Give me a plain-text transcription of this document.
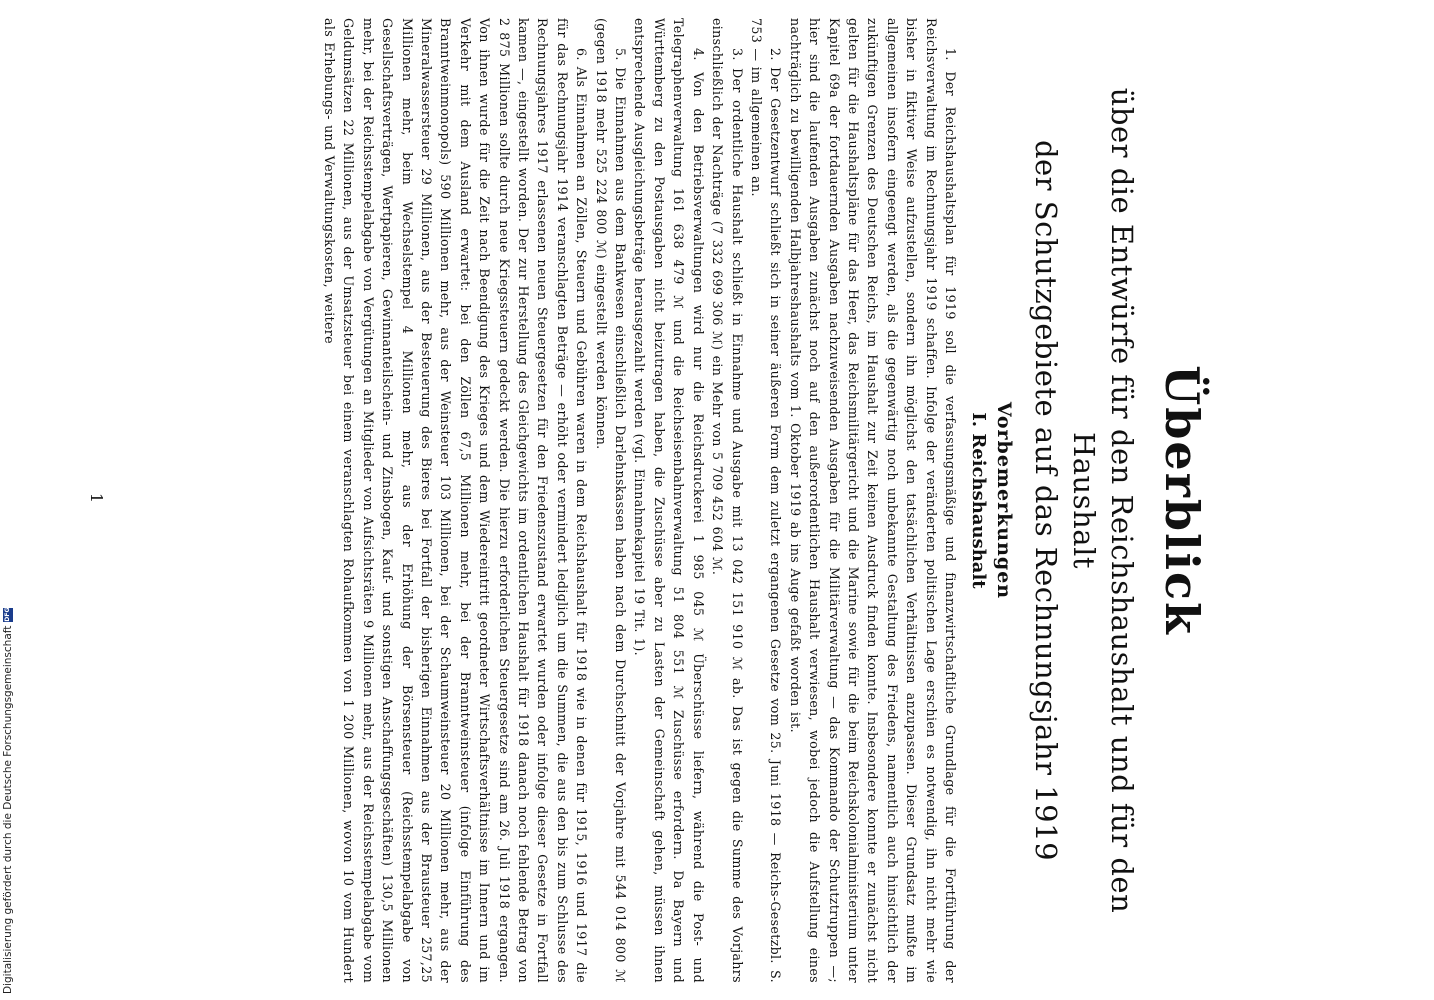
Überblick

über die Entwürfe für den Reichshaushalt und für den Haushalt

der Schutzgebiete auf das Rechnungsjahr 1919

Vorbemerkungen
I. Reichshaushalt

1. Der Reichshaushaltsplan für 1919 soll die verfassungsmäßige und finanzwirtschaftliche Grundlage für die Fortführung der Reichsverwaltung im Rechnungsjahr 1919 schaffen. Infolge der veränderten politischen Lage erschien es notwendig, ihn nicht mehr wie bisher in fiktiver Weise aufzustellen, sondern ihn möglichst den tatsächlichen Verhältnissen anzupassen. Dieser Grundsatz mußte im allgemeinen insofern eingeengt werden, als die gegenwärtig noch unbekannte Gestaltung des Friedens, namentlich auch hinsichtlich der zukünftigen Grenzen des Deutschen Reichs, im Haushalt zur Zeit keinen Ausdruck finden konnte. Insbesondere konnte er zunächst nicht gelten für die Haushaltspläne für das Heer, das Reichsmilitärgericht und die Marine sowie für die beim Reichskolonialministerium unter Kapitel 69a der fortdauernden Ausgaben nachzuweisenden Ausgaben für die Militärverwaltung — das Kommando der Schutztruppen —; hier sind die laufenden Ausgaben zunächst noch auf den außerordentlichen Haushalt verwiesen, wobei jedoch die Aufstellung eines nachträglich zu bewilligenden Halbjahreshaushalts vom 1. Oktober 1919 ab ins Auge gefaßt worden ist.

2. Der Gesetzentwurf schließt sich in seiner äußeren Form dem zuletzt ergangenen Gesetze vom 25. Juni 1918 — Reichs-Gesetzbl. S. 753 — im allgemeinen an.

3. Der ordentliche Haushalt schließt in Einnahme und Ausgabe mit 13 042 151 910 ℳ ab. Das ist gegen die Summe des Vorjahrs einschließlich der Nachträge (7 332 699 306 ℳ) ein Mehr von 5 709 452 604 ℳ.

4. Von den Betriebsverwaltungen wird nur die Reichsdruckerei 1 985 045 ℳ Überschüsse liefern, während die Post- und Telegraphenverwaltung 161 638 479 ℳ und die Reichseisenbahnverwaltung 51 804 551 ℳ Zuschüsse erfordern. Da Bayern und Württemberg zu den Postausgaben nicht beizutragen haben, die Zuschüsse aber zu Lasten der Gemeinschaft gehen, müssen ihnen entsprechende Ausgleichungsbeträge herausgezahlt werden (vgl. Einnahmekapitel 19 Tit. 1).

5. Die Einnahmen aus dem Bankwesen einschließlich Darlehnskassen haben nach dem Durchschnitt der Vorjahre mit 544 014 800 ℳ (gegen 1918 mehr 525 224 800 ℳ) eingestellt werden können.

6. Als Einnahmen an Zöllen, Steuern und Gebühren waren in dem Reichshaushalt für 1918 wie in denen für 1915, 1916 und 1917 die für das Rechnungsjahr 1914 veranschlagten Beträge — erhöht oder vermindert lediglich um die Summen, die aus den bis zum Schlusse des Rechnungsjahres 1917 erlassenen neuen Steuergesetzen für den Friedenszustand erwartet wurden oder infolge dieser Gesetze in Fortfall kamen —, eingestellt worden. Der zur Herstellung des Gleichgewichts im ordentlichen Haushalt für 1918 danach noch fehlende Betrag von 2 875 Millionen sollte durch neue Kriegssteuern gedeckt werden. Die hierzu erforderlichen Steuergesetze sind am 26. Juli 1918 ergangen. Von ihnen wurde für die Zeit nach Beendigung des Krieges und dem Wiedereintritt geordneter Wirtschaftsverhältnisse im Innern und im Verkehr mit dem Ausland erwartet: bei den Zöllen 67,5 Millionen mehr, bei der Branntweinsteuer (infolge Einführung des Branntweinmonopols) 590 Millionen mehr, aus der Weinsteuer 103 Millionen, bei der Schaumweinsteuer 20 Millionen mehr, aus der Mineralwassersteuer 29 Millionen, aus der Besteuerung des Bieres bei Fortfall der bisherigen Einnahmen aus der Brausteuer 257,25 Millionen mehr, beim Wechselstempel 4 Millionen mehr, aus der Erhöhung der Börsensteuer (Reichsstempelabgabe von Gesellschaftsverträgen, Wertpapieren, Gewinnanteilschein- und Zinsbogen, Kauf- und sonstigen Anschaffungsgeschäften) 130,5 Millionen mehr, bei der Reichsstempelabgabe von Vergütungen an Mitglieder von Aufsichtsräten 9 Millionen mehr, aus der Reichsstempelabgabe vom Geldumsätzen 22 Millionen, aus der Umsatzsteuer bei einem veranschlagten Rohaufkommen von 1 200 Millionen, wovon 10 vom Hundert als Erhebungs- und Verwaltungskosten, weitere

1
Digitalisierung gefördert durch die Deutsche Forschungsgemeinschaft
DFG
